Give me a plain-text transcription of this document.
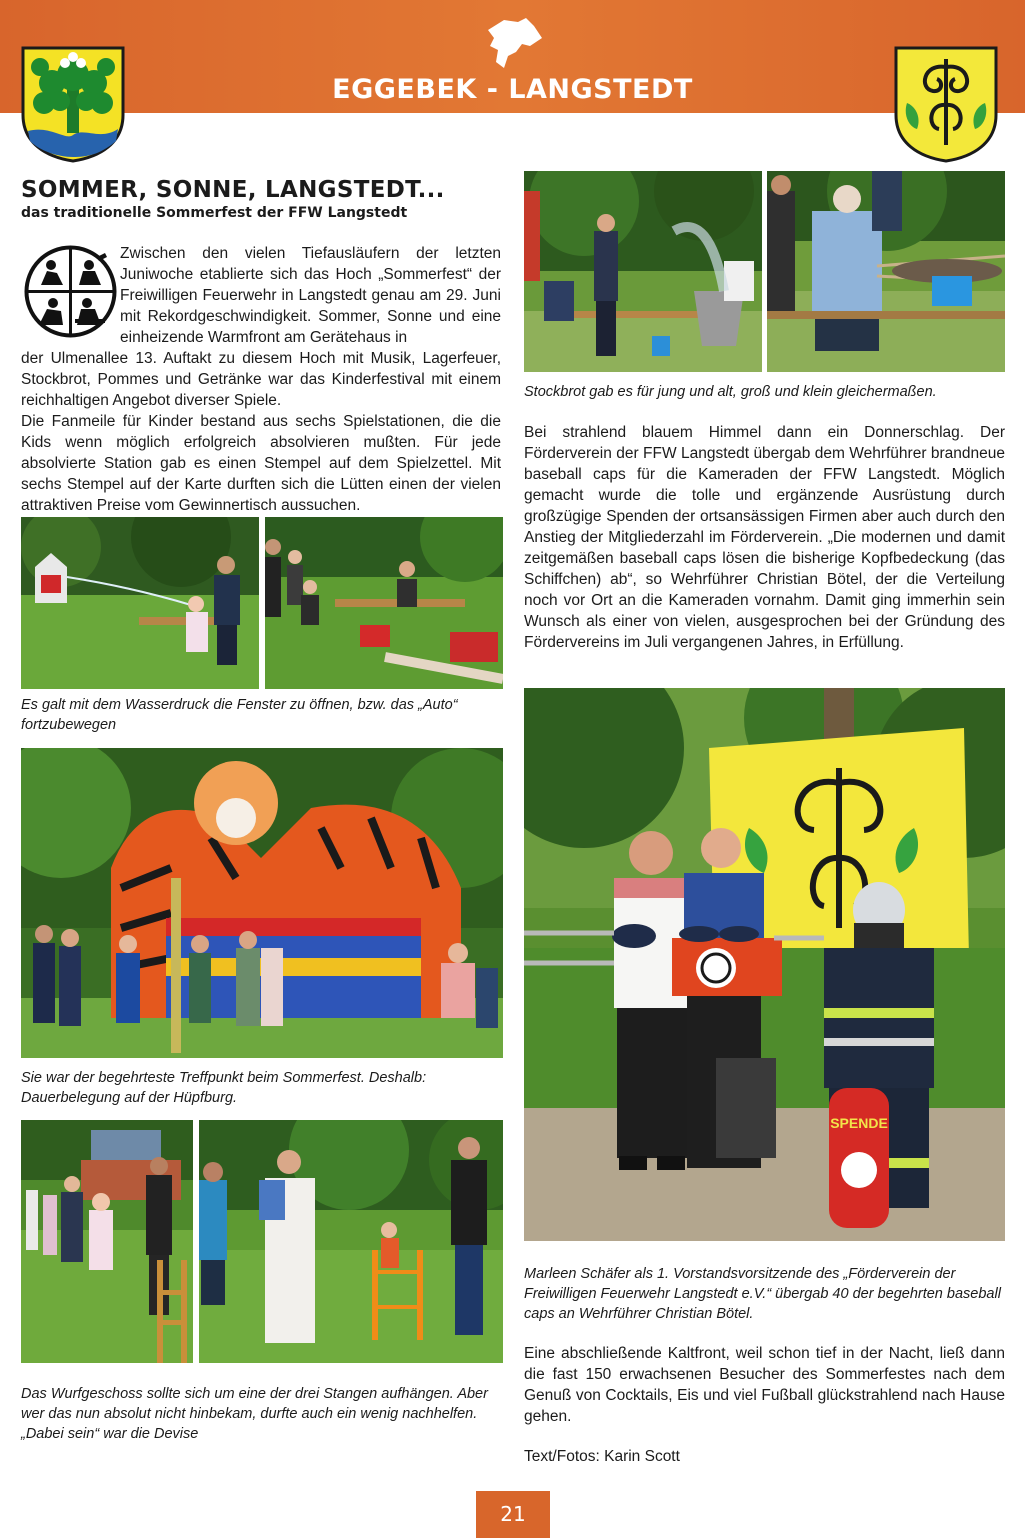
EGGEBEK - LANGSTEDT
SOMMER, SONNE, LANGSTEDT...
das traditionelle Sommerfest der FFW Langstedt
Zwischen den vielen Tiefausläufern der letzten Juniwoche etablierte sich das Hoch „Sommerfest“ der Freiwilligen Feuerwehr in Langstedt genau am 29. Juni mit Rekordgeschwindigkeit. Sommer, Sonne und eine einheizende Warmfront am Gerätehaus in
der Ulmenallee 13. Auftakt zu diesem Hoch mit Musik, Lagerfeuer, Stockbrot, Pommes und Getränke war das Kinderfestival mit einem reichhaltigen Angebot diverser Spiele.
Die Fanmeile für Kinder bestand aus sechs Spielstationen, die die Kids wenn möglich erfolgreich absolvieren mußten. Für jede absolvierte Station gab es einen Stempel auf dem Spielzettel. Mit sechs Stempel auf der Karte durften sich die Lütten einen der vielen attraktiven Preise vom Gewinnertisch aussuchen.
Es galt mit dem Wasserdruck die Fenster zu öffnen, bzw. das „Auto“ fortzubewegen
Sie war der begehrteste Treffpunkt beim Sommerfest. Deshalb: Dauerbelegung auf der Hüpfburg.
Das Wurfgeschoss sollte sich um eine der drei Stangen aufhängen. Aber wer das nun absolut nicht hinbekam, durfte auch ein wenig nachhelfen. „Dabei sein“ war die Devise
Stockbrot gab es für jung und alt, groß und klein gleichermaßen.
Bei strahlend blauem Himmel dann ein Donnerschlag. Der Förderverein der FFW Langstedt übergab dem Wehrführer brandneue baseball caps für die Kameraden der FFW Langstedt. Möglich gemacht wurde die tolle und ergänzende Ausrüstung durch großzügige Spenden der ortsansässigen Firmen aber auch durch den Anstieg der Mitgliederzahl im Förderverein. „Die modernen und damit zeitgemäßen baseball caps lösen die bisherige Kopfbedeckung (das Schiffchen) ab“, so Wehrführer Christian Bötel, der die Verteilung noch vor Ort an die Kameraden vornahm. Damit ging immerhin sein Wunsch als einer von vielen, ausgesprochen bei der Gründung des Fördervereins im Juli vergangenen Jahres, in Erfüllung.
SPENDE
Marleen Schäfer als 1. Vorstandsvorsitzende des „Förderverein der Freiwilligen Feuerwehr Langstedt e.V.“ übergab 40 der begehrten baseball caps an Wehrführer Christian Bötel.
Eine abschließende Kaltfront, weil schon tief in der Nacht, ließ dann die fast 150 erwachsenen Besucher des Sommerfestes nach dem Genuß von Cocktails, Eis und viel Fußball glückstrahlend nach Hause gehen.
Text/Fotos: Karin Scott
21
